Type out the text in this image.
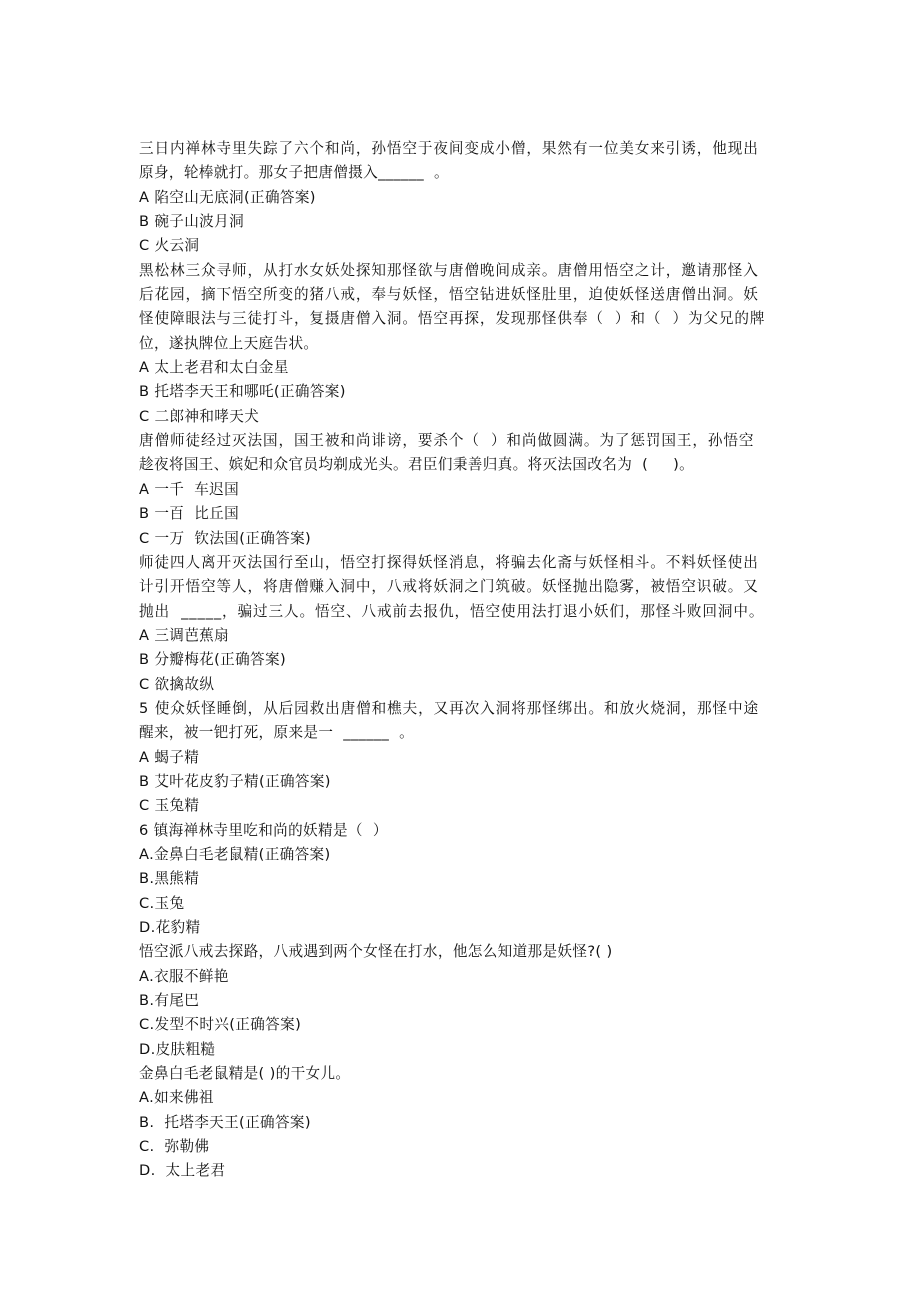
三日内禅林寺里失踪了六个和尚，孙悟空于夜间变成小僧，果然有一位美女来引诱，他现出

原身，轮棒就打。那女子把唐僧摄入______  。

A 陷空山无底洞(正确答案)

B 碗子山波月洞

C 火云洞

黑松林三众寻师，从打水女妖处探知那怪欲与唐僧晚间成亲。唐僧用悟空之计，邀请那怪入

后花园，摘下悟空所变的猪八戒，奉与妖怪，悟空钻进妖怪肚里，迫使妖怪送唐僧出洞。妖

怪使障眼法与三徒打斗，复摄唐僧入洞。悟空再探，发现那怪供奉（  ）和（  ）为父兄的牌

位，遂执牌位上天庭告状。

A 太上老君和太白金星

B 托塔李天王和哪吒(正确答案)

C 二郎神和哮天犬

唐僧师徒经过灭法国，国王被和尚诽谤，要杀个（  ）和尚做圆满。为了惩罚国王，孙悟空

趁夜将国王、嫔妃和众官员均剃成光头。君臣们秉善归真。将灭法国改名为  (     )。

A 一千  车迟国

B 一百  比丘国

C 一万  钦法国(正确答案)

师徒四人离开灭法国行至山，悟空打探得妖怪消息，将骗去化斋与妖怪相斗。不料妖怪使出

计引开悟空等人，将唐僧赚入洞中，八戒将妖洞之门筑破。妖怪抛出隐雾，被悟空识破。又

抛出  _____，骗过三人。悟空、八戒前去报仇，悟空使用法打退小妖们，那怪斗败回洞中。

A 三调芭蕉扇

B 分瓣梅花(正确答案)

C 欲擒故纵

5 使众妖怪睡倒，从后园救出唐僧和樵夫，又再次入洞将那怪绑出。和放火烧洞，那怪中途

醒来，被一钯打死，原来是一  ______  。

A 蝎子精

B 艾叶花皮豹子精(正确答案)

C 玉兔精

6 镇海禅林寺里吃和尚的妖精是（  ）

A.金鼻白毛老鼠精(正确答案)

B.黑熊精

C.玉兔

D.花豹精

悟空派八戒去探路，八戒遇到两个女怪在打水，他怎么知道那是妖怪?( )

A.衣服不鲜艳

B.有尾巴

C.发型不时兴(正确答案)

D.皮肤粗糙

金鼻白毛老鼠精是( )的干女儿。

A.如来佛祖

B.  托塔李天王(正确答案)

C.  弥勒佛

D.  太上老君
